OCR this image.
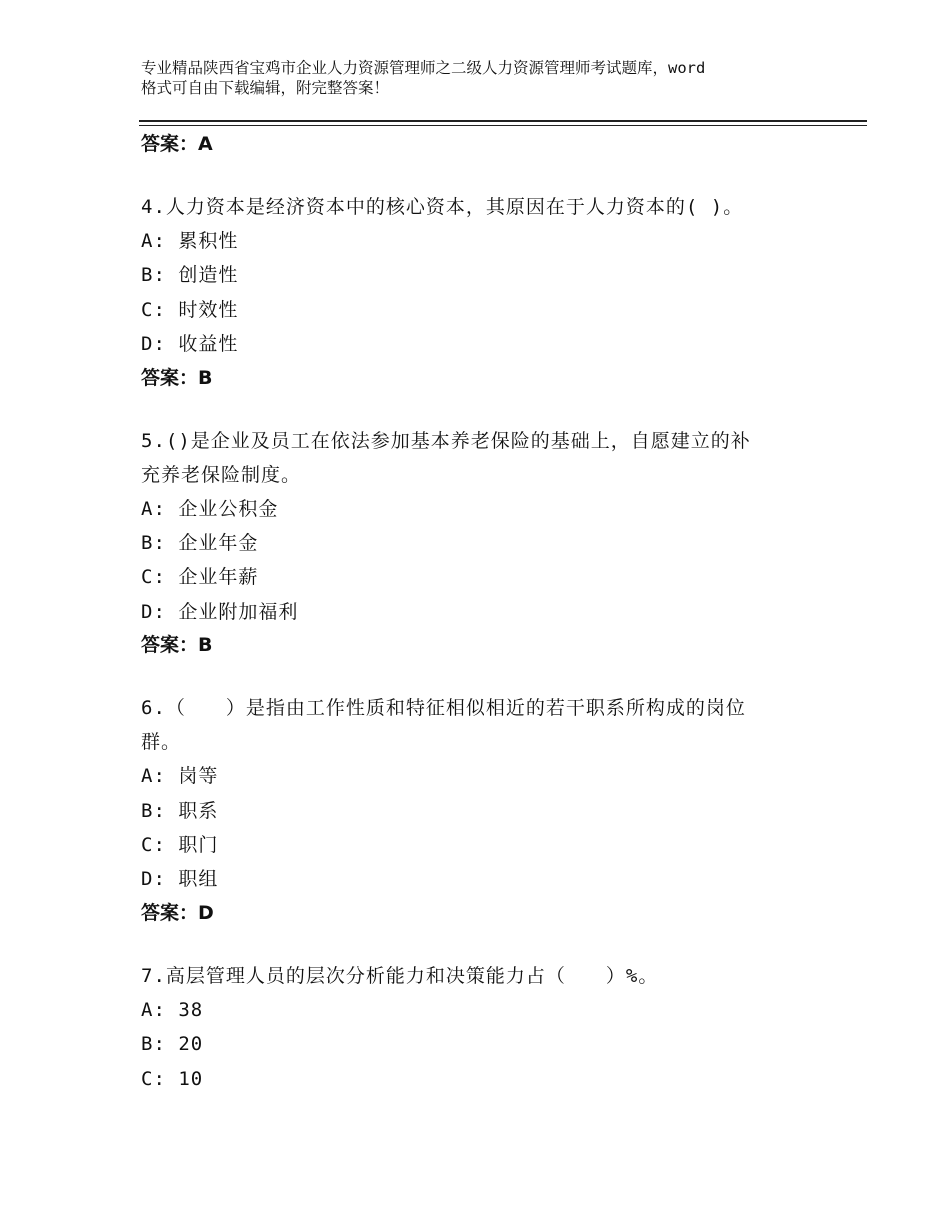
专业精品陕西省宝鸡市企业人力资源管理师之二级人力资源管理师考试题库，word
格式可自由下载编辑，附完整答案！

答案：A

4.人力资本是经济资本中的核心资本，其原因在于人力资本的( )。

A: 累积性

B: 创造性

C: 时效性

D: 收益性

答案：B

5.()是企业及员工在依法参加基本养老保险的基础上，自愿建立的补

充养老保险制度。

A: 企业公积金

B: 企业年金

C: 企业年薪

D: 企业附加福利

答案：B

6.（　　）是指由工作性质和特征相似相近的若干职系所构成的岗位

群。

A: 岗等

B: 职系

C: 职门

D: 职组

答案：D

7.高层管理人员的层次分析能力和决策能力占（　　）%。

A: 38

B: 20

C: 10
